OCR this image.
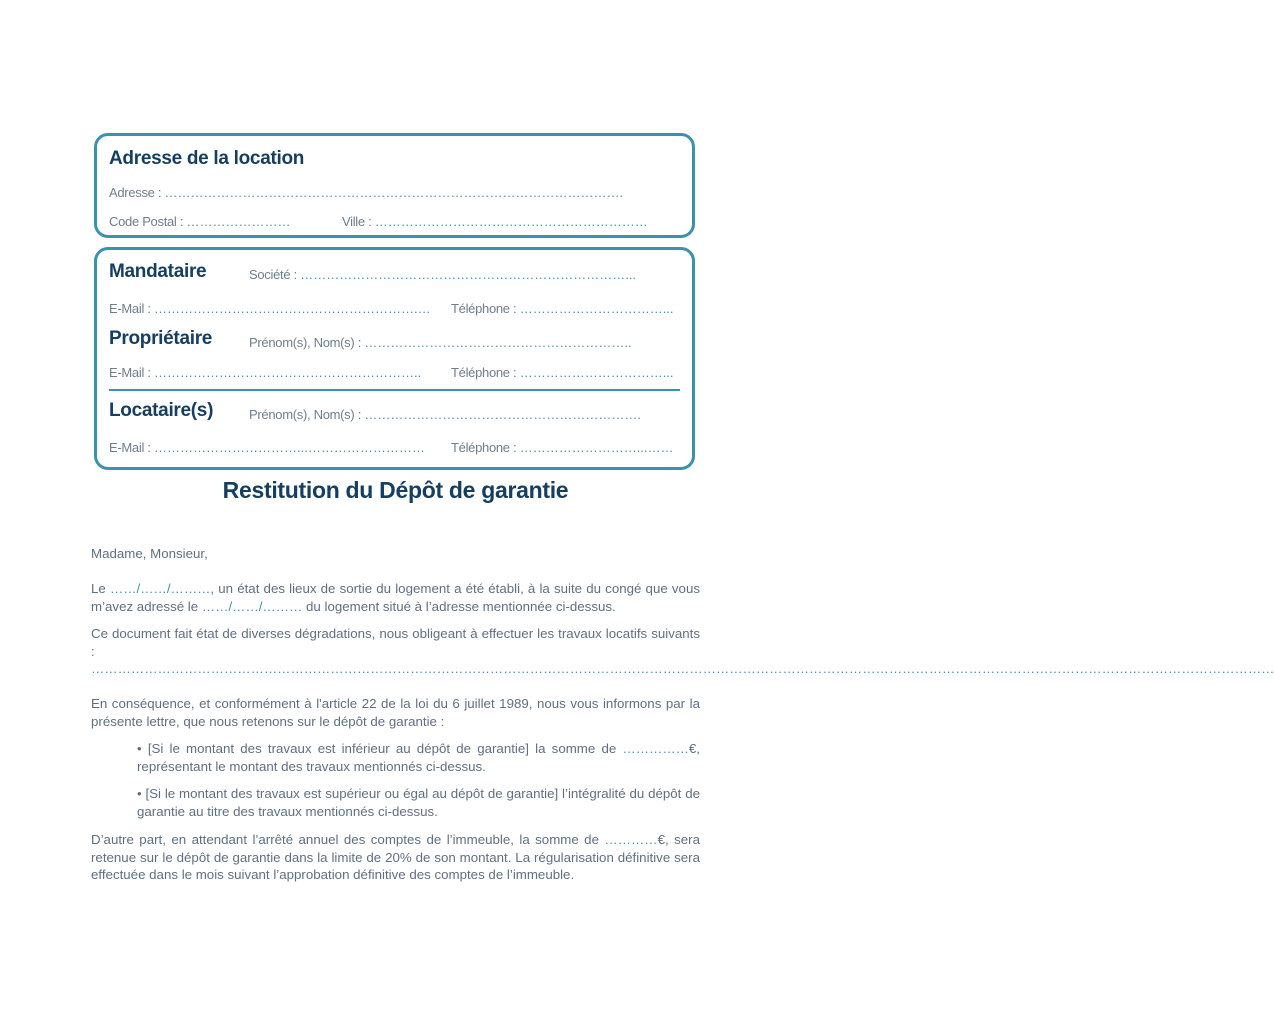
Adresse de la location
Adresse : …………………………………………………………………………………………….
Code Postal : ……………………	Ville : ………………………………………………………
Mandataire	Société : …………………………………………………………………...
E-Mail : …………………………………………………….… Téléphone : ……………………………...
Propriétaire	Prénom(s), Nom(s) : ……………………………………………………..
E-Mail : …………………………………………………….. Téléphone : ……………………………...
Locataire(s)	Prénom(s), Nom(s) : ……………………………………………………….
E-Mail : ……………………………...……………………… Téléphone : ………………………...……
Restitution du Dépôt de garantie
Madame, Monsieur,
Le ……/……/………, un état des lieux de sortie du logement a été établi, à la suite du congé que vous m’avez adressé le ……/……/……… du logement situé à l’adresse mentionnée ci-dessus.
Ce document fait état de diverses dégradations, nous obligeant à effectuer les travaux locatifs suivants : ……………………………………………………………………………………………………………………………………………………………………………………………………………………………………………
En conséquence, et conformément à l'article 22 de la loi du 6 juillet 1989, nous vous informons par la présente lettre, que nous retenons sur le dépôt de garantie :
• [Si le montant des travaux est inférieur au dépôt de garantie] la somme de ……………€, représentant le montant des travaux mentionnés ci-dessus.
• [Si le montant des travaux est supérieur ou égal au dépôt de garantie] l’intégralité du dépôt de garantie au titre des travaux mentionnés ci-dessus.
D’autre part, en attendant l’arrêté annuel des comptes de l’immeuble, la somme de …………€, sera retenue sur le dépôt de garantie dans la limite de 20% de son montant. La régularisation définitive sera effectuée dans le mois suivant l’approbation définitive des comptes de l’immeuble.
